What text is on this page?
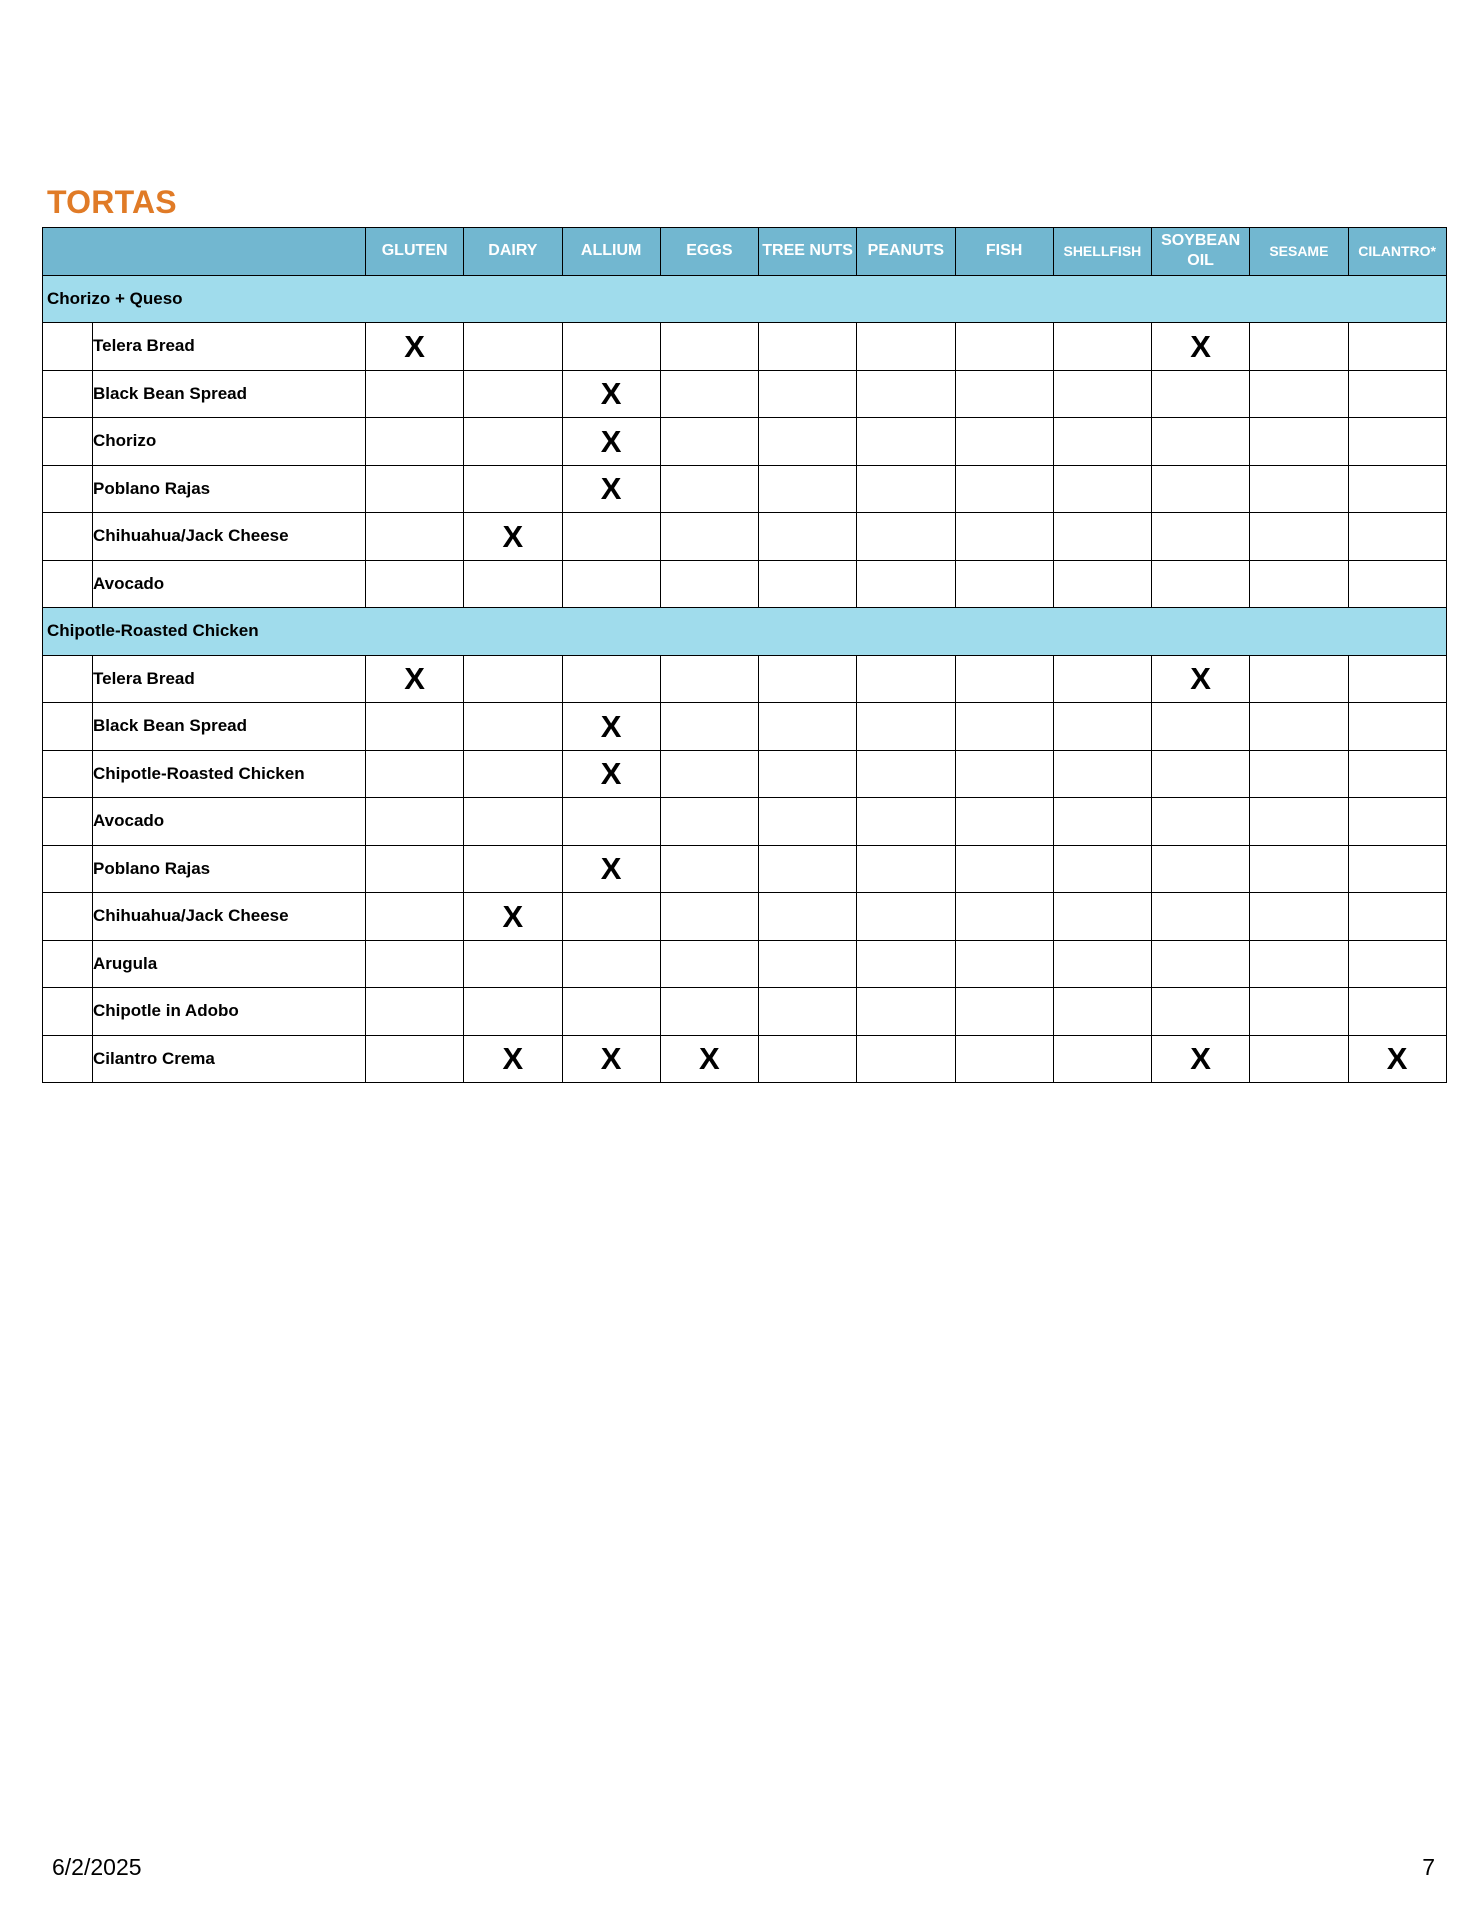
TORTAS
		GLUTEN	DAIRY	ALLIUM	EGGS	TREE NUTS	PEANUTS	FISH	SHELLFISH	SOYBEAN OIL	SESAME	CILANTRO*
Chorizo + Queso												
	Telera Bread	X								X		
	Black Bean Spread			X								
	Chorizo			X								
	Poblano Rajas			X								
	Chihuahua/Jack Cheese		X									
	Avocado											
Chipotle-Roasted Chicken												
	Telera Bread	X								X		
	Black Bean Spread			X								
	Chipotle-Roasted Chicken			X								
	Avocado											
	Poblano Rajas			X								
	Chihuahua/Jack Cheese		X									
	Arugula											
	Chipotle in Adobo											
	Cilantro Crema		X	X	X					X		X
6/2/2025	7
